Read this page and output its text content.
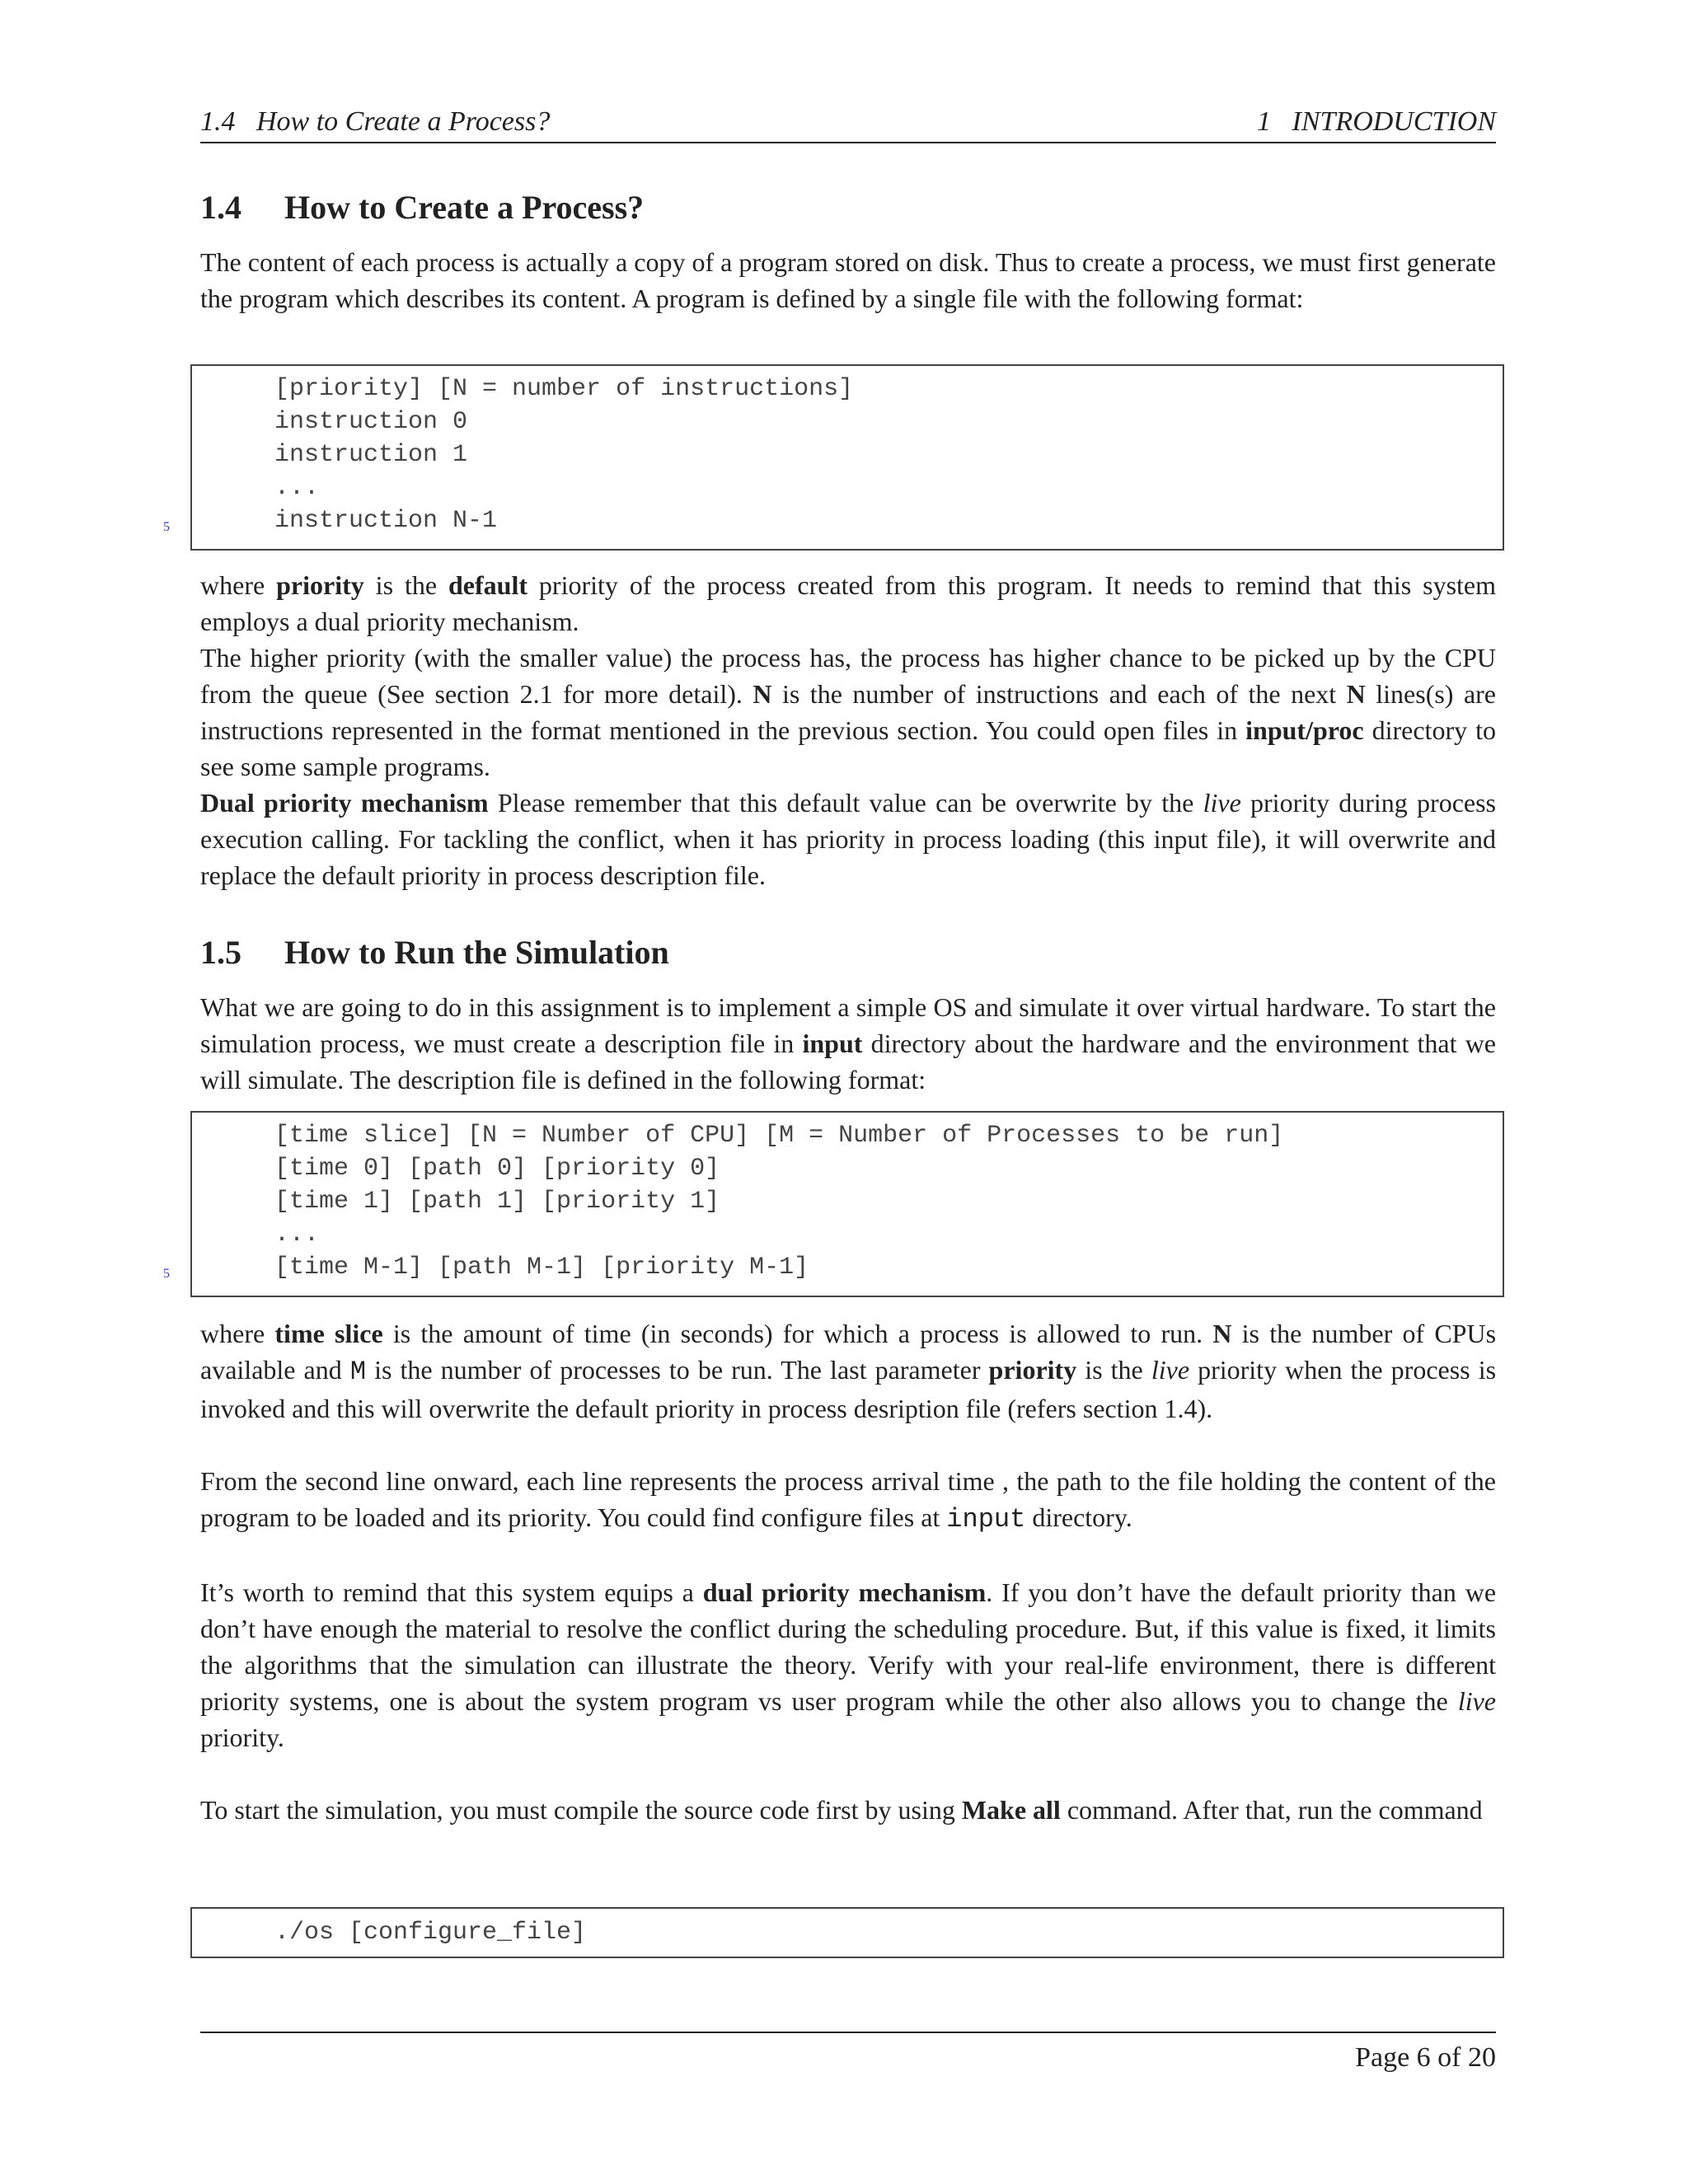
1.4   How to Create a Process?	1   INTRODUCTION
1.4 How to Create a Process?

The content of each process is actually a copy of a program stored on disk. Thus to create a process, we must first generate the program which describes its content. A program is defined by a single file with the following format:

[priority] [N = number of instructions]
instruction 0
instruction 1
...
5	instruction N-1

where priority is the default priority of the process created from this program. It needs to remind that this system employs a dual priority mechanism.

The higher priority (with the smaller value) the process has, the process has higher chance to be picked up by the CPU from the queue (See section 2.1 for more detail). N is the number of instructions and each of the next N lines(s) are instructions represented in the format mentioned in the previous section. You could open files in input/proc directory to see some sample programs.

Dual priority mechanism Please remember that this default value can be overwrite by the live priority during process execution calling. For tackling the conflict, when it has priority in process loading (this input file), it will overwrite and replace the default priority in process description file.

1.5 How to Run the Simulation

What we are going to do in this assignment is to implement a simple OS and simulate it over virtual hardware. To start the simulation process, we must create a description file in input directory about the hardware and the environment that we will simulate. The description file is defined in the following format:

[time slice] [N = Number of CPU] [M = Number of Processes to be run]
[time 0] [path 0] [priority 0]
[time 1] [path 1] [priority 1]
...
5	[time M-1] [path M-1] [priority M-1]

where time slice is the amount of time (in seconds) for which a process is allowed to run. N is the number of CPUs available and M is the number of processes to be run. The last parameter priority is the live priority when the process is invoked and this will overwrite the default priority in process desription file (refers section 1.4).

From the second line onward, each line represents the process arrival time , the path to the file holding the content of the program to be loaded and its priority. You could find configure files at input directory.

It’s worth to remind that this system equips a dual priority mechanism. If you don’t have the default priority than we don’t have enough the material to resolve the conflict during the scheduling procedure. But, if this value is fixed, it limits the algorithms that the simulation can illustrate the theory. Verify with your real-life environment, there is different priority systems, one is about the system program vs user program while the other also allows you to change the live priority.

To start the simulation, you must compile the source code first by using Make all command. After that, run the command

./os [configure_file]
Page 6 of 20
